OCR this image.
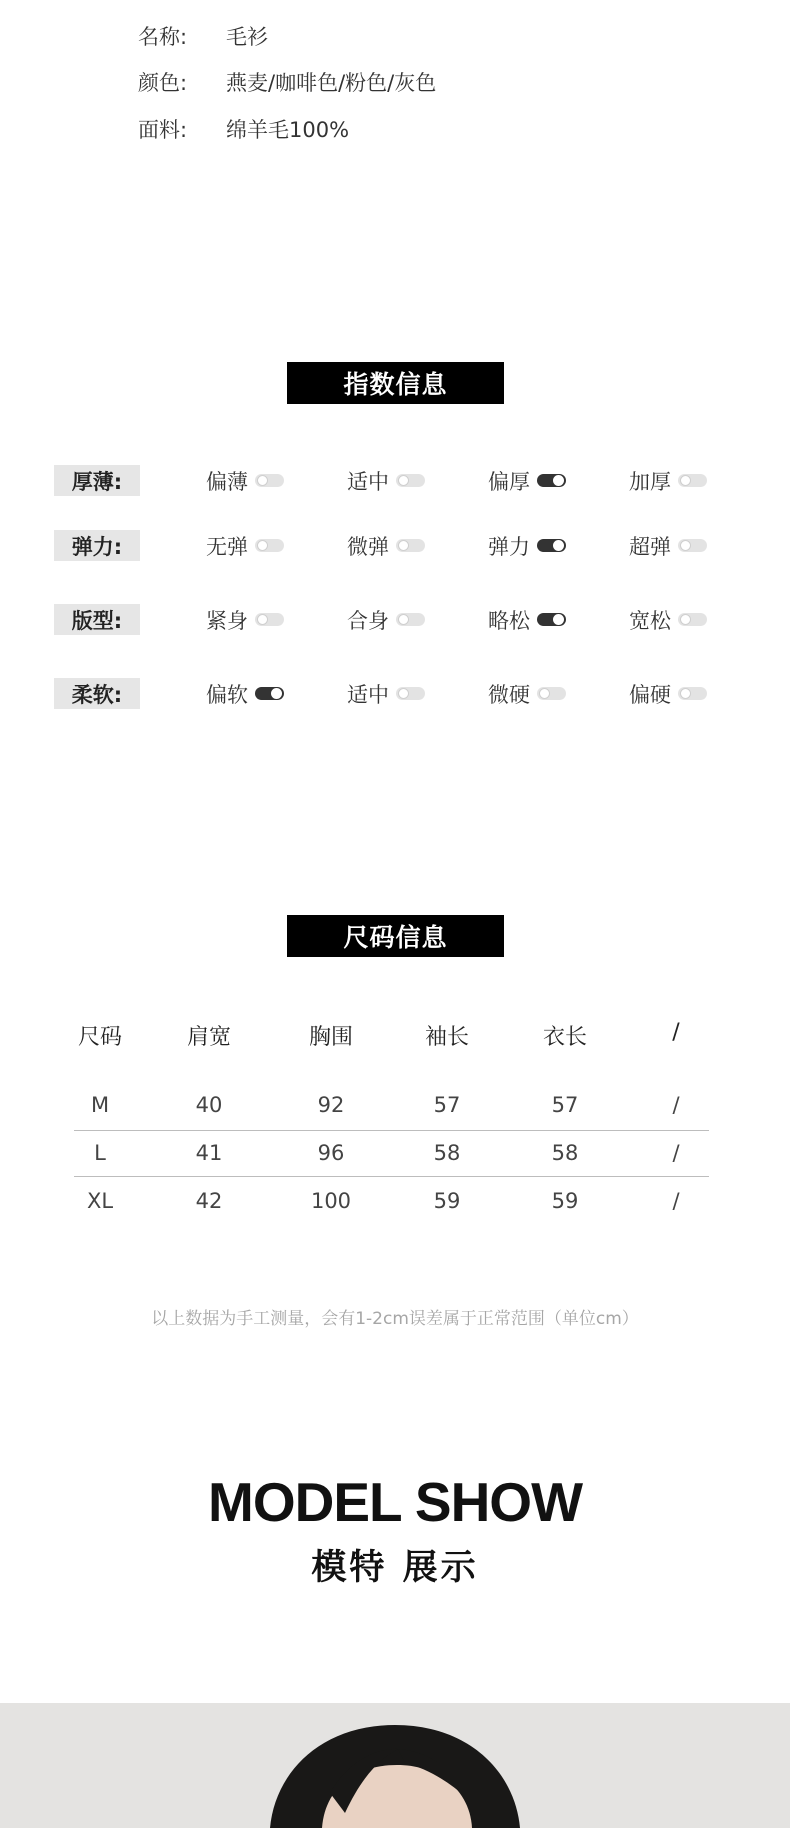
名称:	毛衫
颜色:	燕麦/咖啡色/粉色/灰色
面料:	绵羊毛100%
指数信息
厚薄:	偏薄	适中	偏厚	加厚
弹力:	无弹	微弹	弹力	超弹
版型:	紧身	合身	略松	宽松
柔软:	偏软	适中	微硬	偏硬
尺码信息
尺码	肩宽	胸围	袖长	衣长	/
M	40	92	57	57	/
L	41	96	58	58	/
XL	42	100	59	59	/
以上数据为手工测量，会有1-2cm误差属于正常范围（单位cm）
MODEL SHOW
模特 展示
